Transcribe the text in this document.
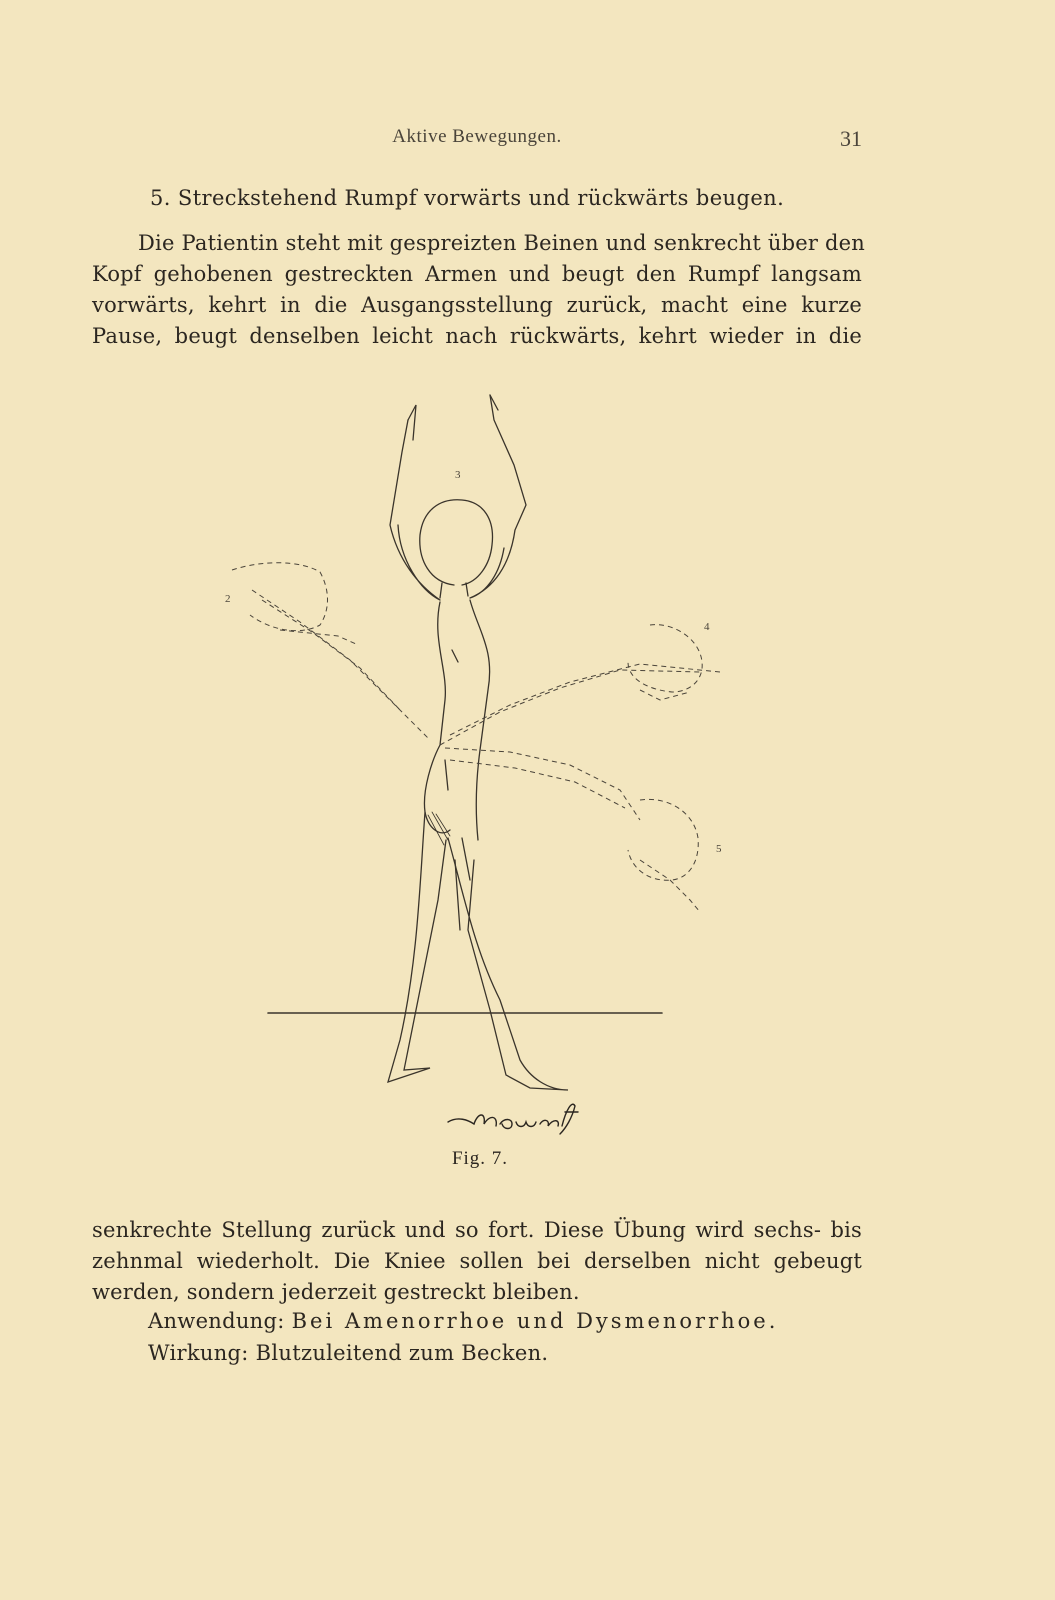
Aktive Bewegungen.	31
5. Streckstehend Rumpf vorwärts und rückwärts beugen.
Die Patientin steht mit gespreizten Beinen und senkrecht über den
Kopf gehobenen gestreckten Armen und beugt den Rumpf langsam
vorwärts, kehrt in die Ausgangsstellung zurück, macht eine kurze
Pause, beugt denselben leicht nach rückwärts, kehrt wieder in die
3
2
4
5
Fig. 7.
senkrechte Stellung zurück und so fort. Diese Übung wird sechs- bis
zehnmal wiederholt. Die Kniee sollen bei derselben nicht gebeugt
werden, sondern jederzeit gestreckt bleiben.
Anwendung: Bei Amenorrhoe und Dysmenorrhoe.
Wirkung: Blutzuleitend zum Becken.
